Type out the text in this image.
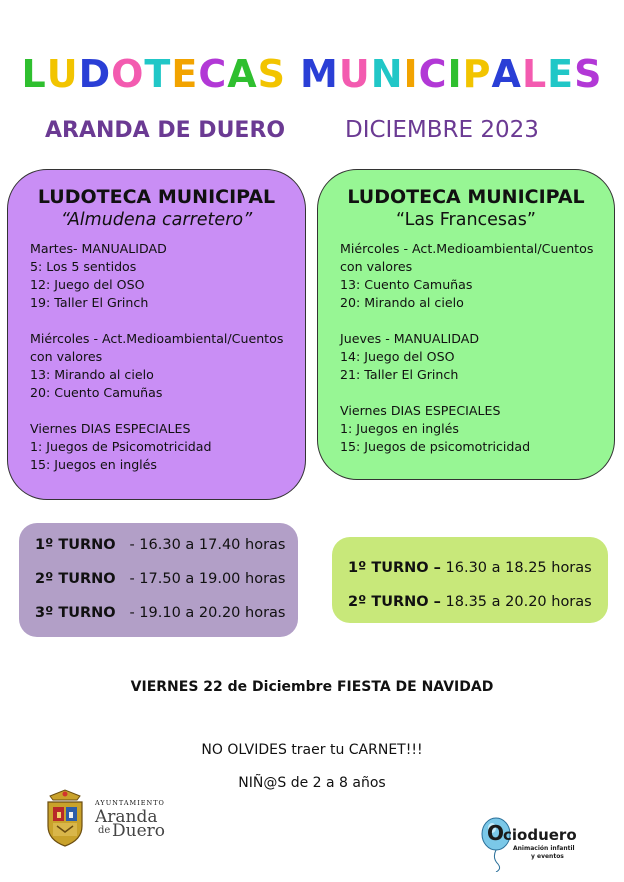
LUDOTECAS MUNICIPALES
ARANDA DE DUERO	DICIEMBRE 2023
LUDOTECA MUNICIPAL
“Almudena carretero”
Martes- MANUALIDAD
5: Los 5 sentidos
12: Juego del OSO
19: Taller El Grinch
Miércoles - Act.Medioambiental/Cuentos
con valores
13: Mirando al cielo
20: Cuento Camuñas
Viernes DIAS ESPECIALES
1: Juegos de Psicomotricidad
15: Juegos en inglés
LUDOTECA MUNICIPAL
“Las Francesas”
Miércoles - Act.Medioambiental/Cuentos
con valores
13: Cuento Camuñas
20: Mirando al cielo
Jueves - MANUALIDAD
14: Juego del OSO
21: Taller El Grinch
Viernes DIAS ESPECIALES
1: Juegos en inglés
15: Juegos de psicomotricidad
1º TURNO - 16.30 a 17.40 horas
2º TURNO - 17.50 a 19.00 horas
3º TURNO - 19.10 a 20.20 horas
1º TURNO – 16.30 a 18.25 horas
2º TURNO – 18.35 a 20.20 horas
VIERNES 22 de Diciembre FIESTA DE NAVIDAD
NO OLVIDES traer tu CARNET!!!
NIÑ@S de 2 a 8 años
AYUNTAMIENTO
Aranda
de Duero	O
cioduero
Animación infantil
y eventos
